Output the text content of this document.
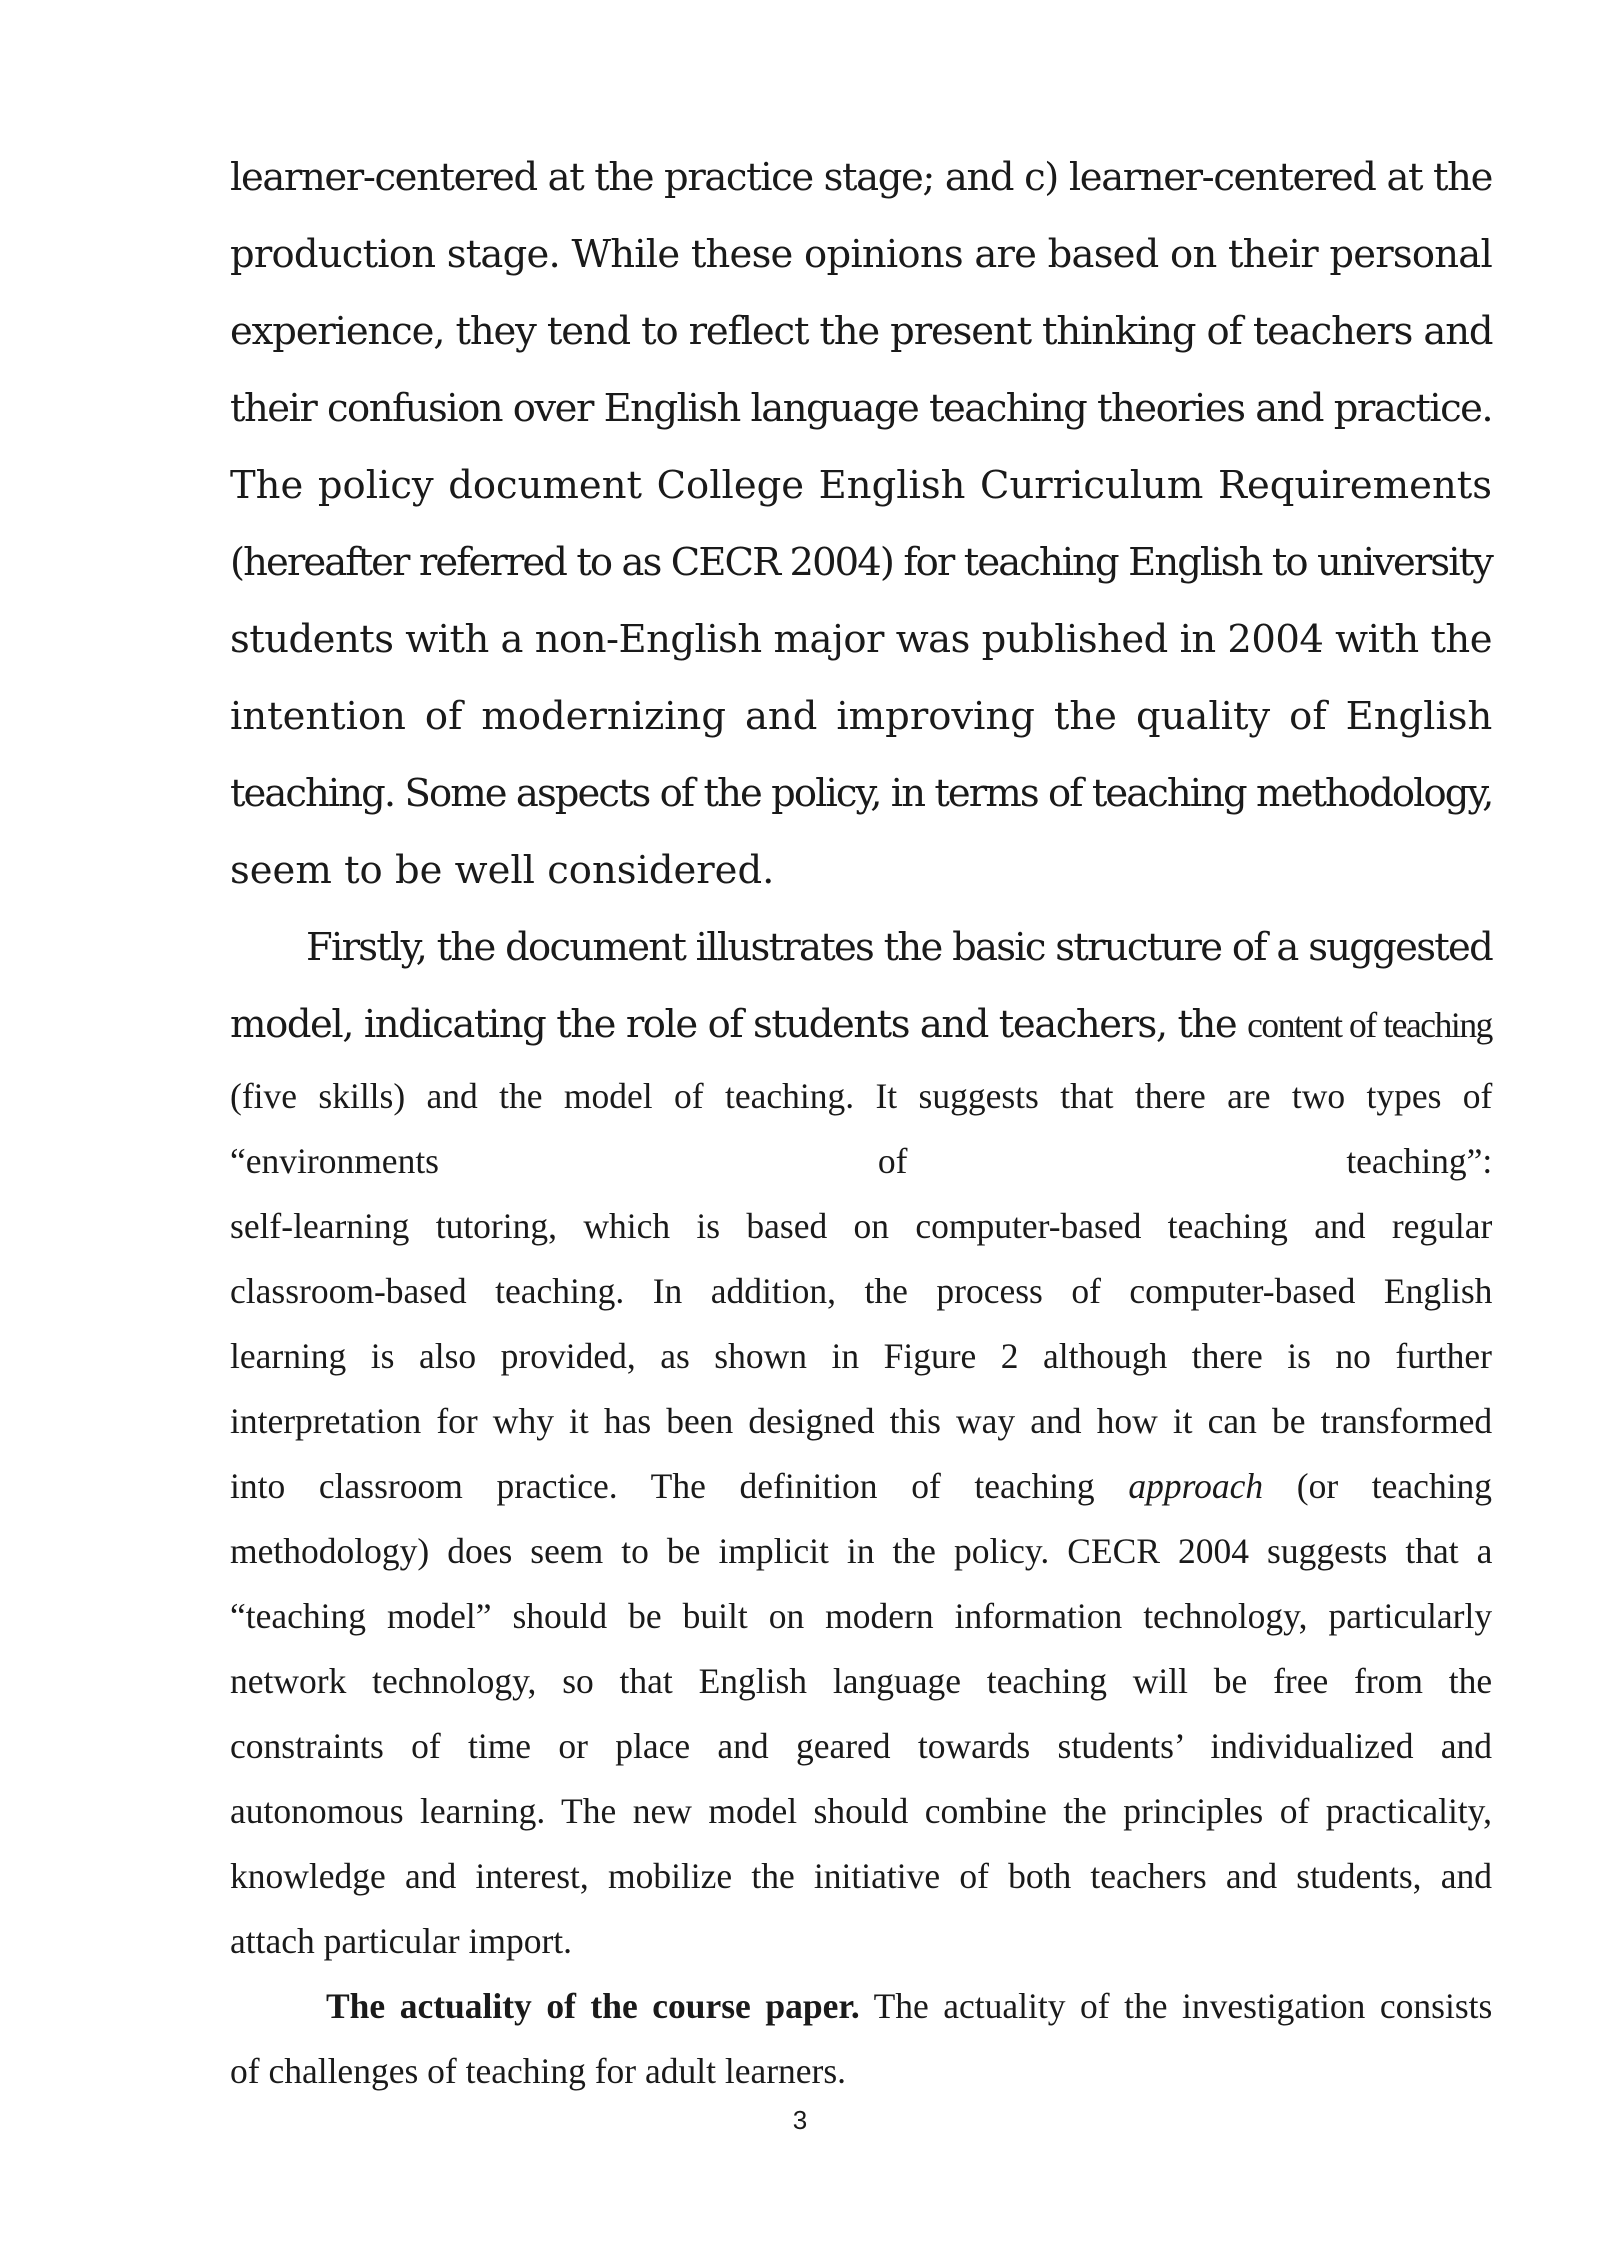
learner-centered at the practice stage; and c) learner-centered at the
production stage. While these opinions are based on their personal
experience, they tend to reflect the present thinking of teachers and
their confusion over English language teaching theories and practice.
The policy document College English Curriculum Requirements
(hereafter referred to as CECR 2004) for teaching English to university
students with a non-English major was published in 2004 with the
intention of modernizing and improving the quality of English
teaching. Some aspects of the policy, in terms of teaching methodology,
seem to be well considered.
Firstly, the document illustrates the basic structure of a suggested
model, indicating the role of students and teachers, the content of teaching
(five skills) and the model of teaching. It suggests that there are two types of
“environments of teaching”:
self-learning tutoring, which is based on computer-based teaching and regular
classroom-based teaching. In addition, the process of computer-based English
learning is also provided, as shown in Figure 2 although there is no further
interpretation for why it has been designed this way and how it can be transformed
into classroom practice. The definition of teaching approach (or teaching
methodology) does seem to be implicit in the policy. CECR 2004 suggests that a
“teaching model” should be built on modern information technology, particularly
network technology, so that English language teaching will be free from the
constraints of time or place and geared towards students’ individualized and
autonomous learning. The new model should combine the principles of practicality,
knowledge and interest, mobilize the initiative of both teachers and students, and
attach particular import.
The actuality of the course paper. The actuality of the investigation consists
of challenges of teaching for adult learners.
3
